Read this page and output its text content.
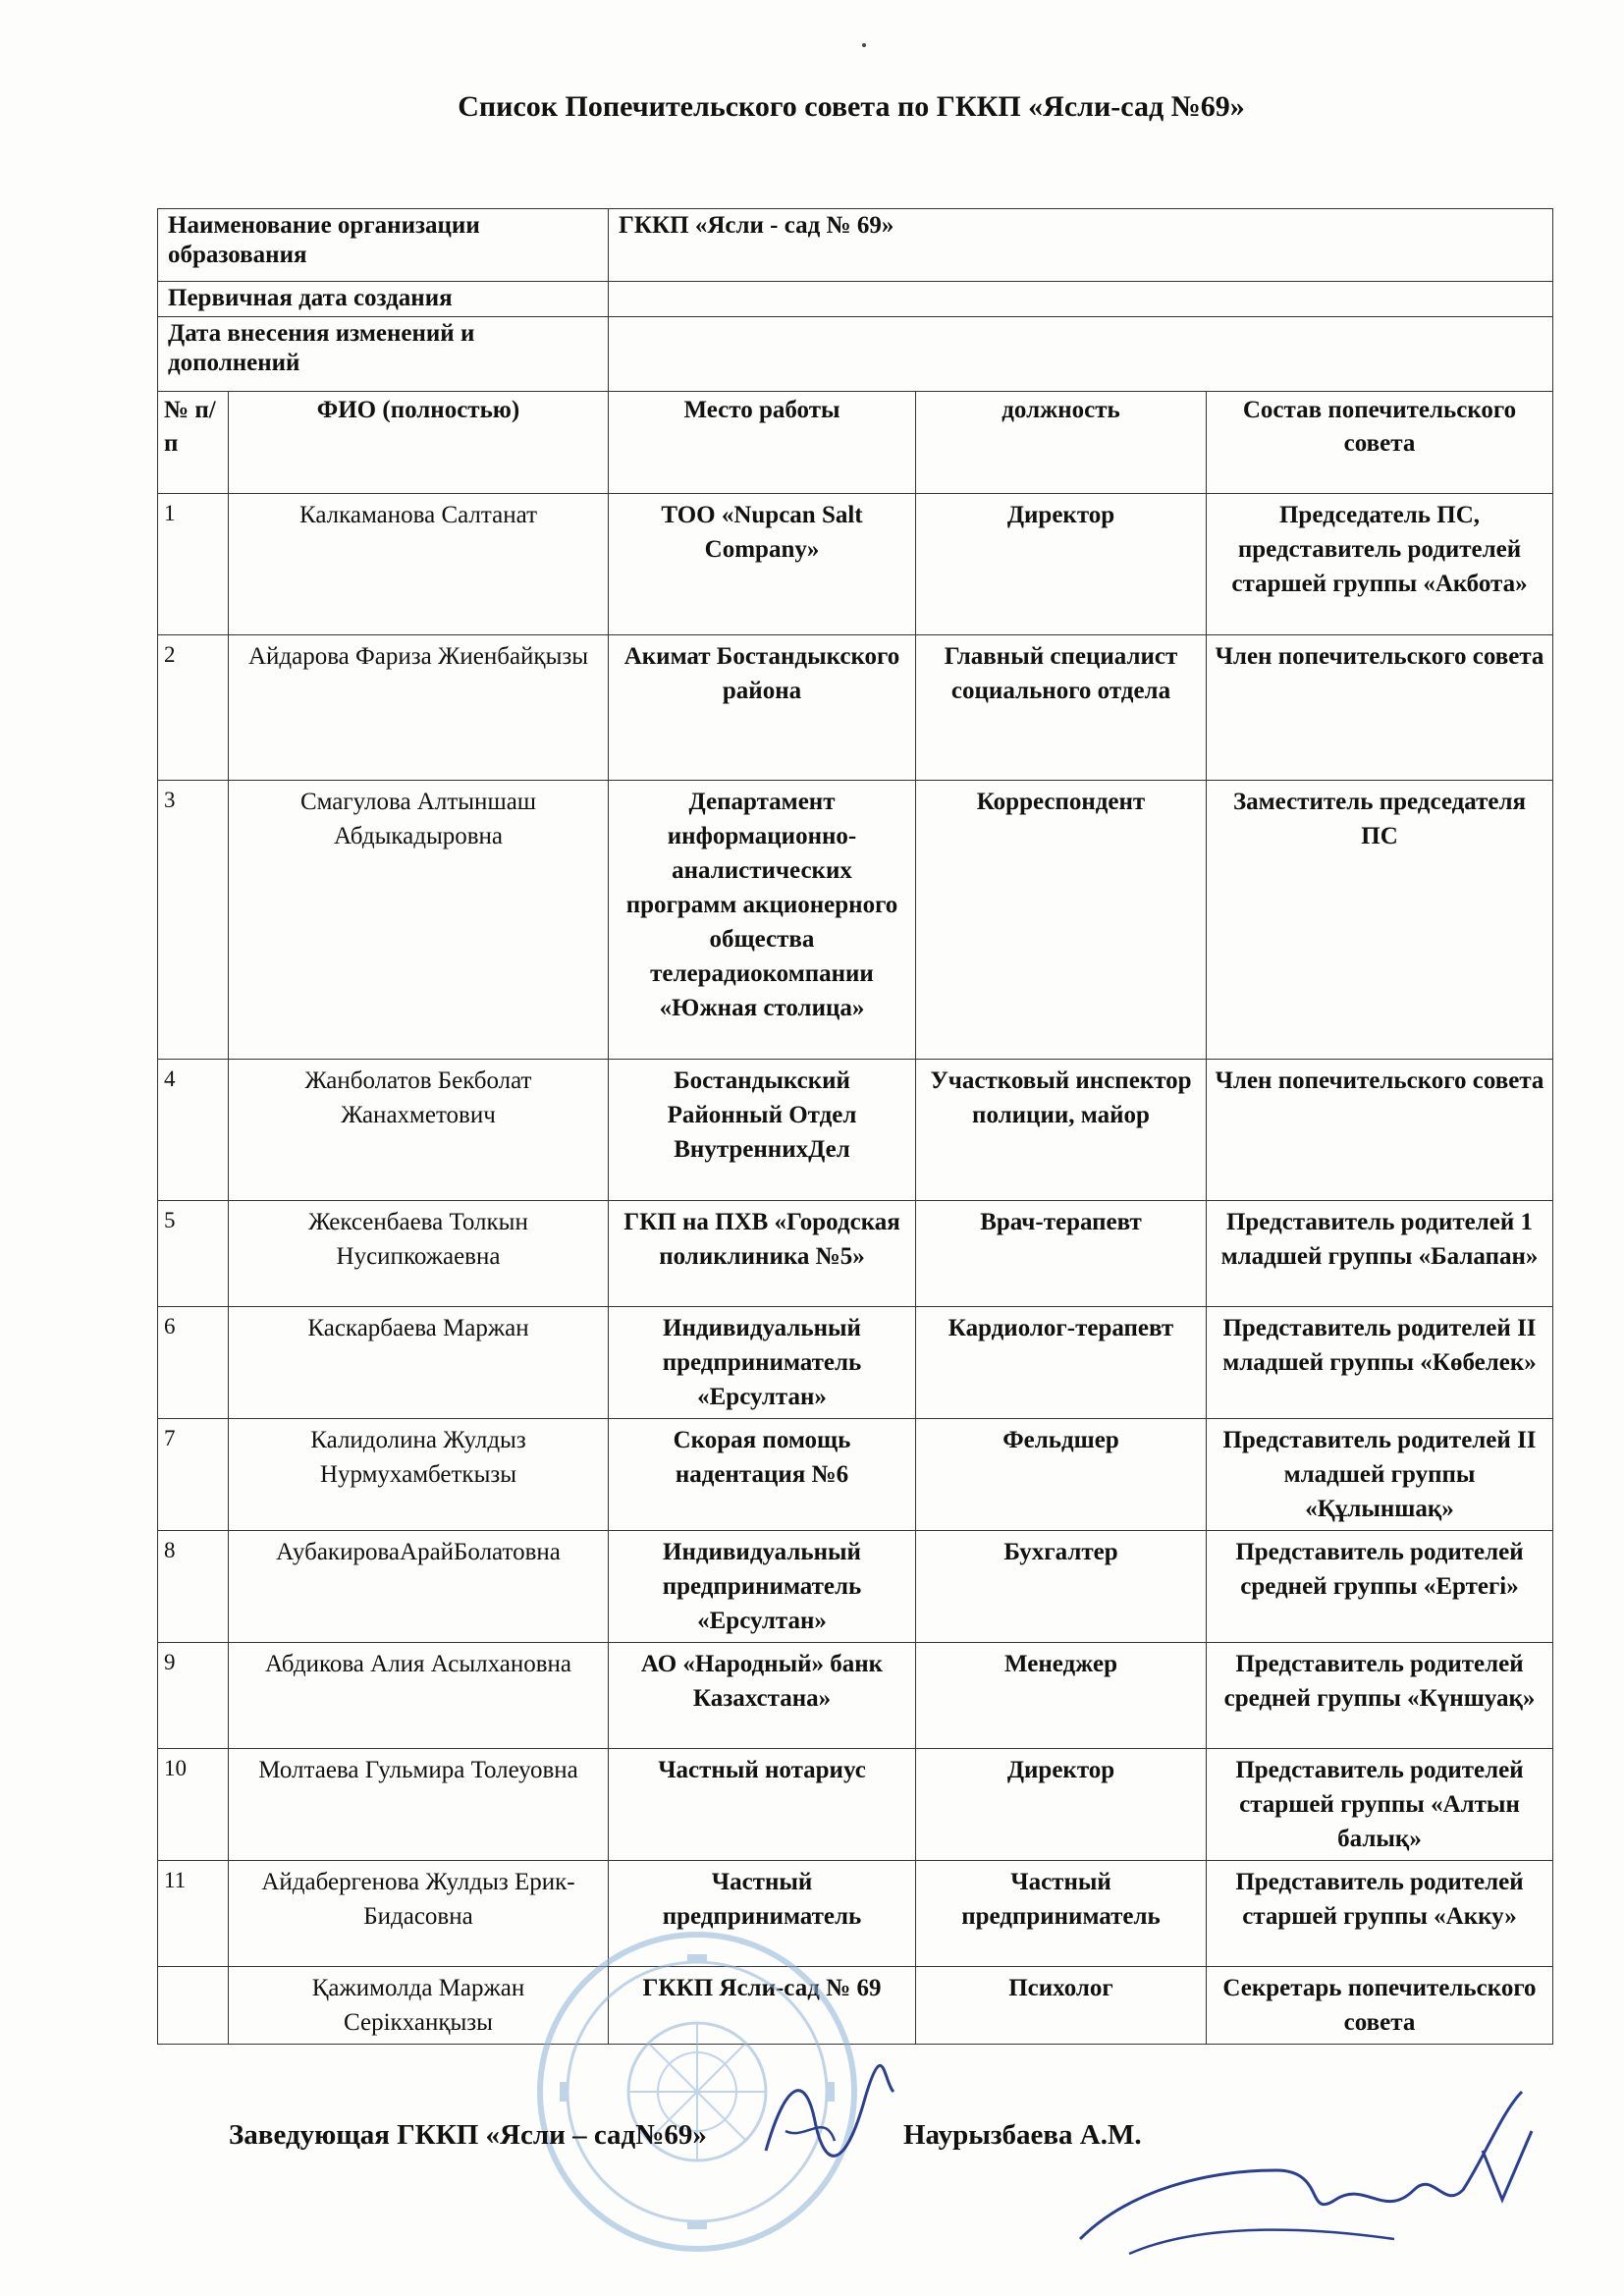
Список Попечительского совета по ГККП «Ясли-сад №69»
Наименование организации образования	ГККП «Ясли - сад № 69»
Первичная дата создания	
Дата внесения изменений и дополнений	
№ п/п	ФИО (полностью)	Место работы	должность	Состав попечительского совета
1	Калкаманова Салтанат	ТОО «Nupcan Salt Company»	Директор	Председатель ПС, представитель родителей старшей группы «Акбота»
2	Айдарова Фариза Жиенбайқызы	Акимат Бостандыкского района	Главный специалист социального отдела	Член попечительского совета
3	Смагулова Алтыншаш Абдыкадыровна	Департамент информационно-аналистических программ акционерного общества телерадиокомпании «Южная столица»	Корреспондент	Заместитель председателя ПС
4	Жанболатов Бекболат Жанахметович	Бостандыкский Районный Отдел ВнутреннихДел	Участковый инспектор полиции, майор	Член попечительского совета
5	Жексенбаева Толкын Нусипкожаевна	ГКП на ПХВ «Городская поликлиника №5»	Врач-терапевт	Представитель родителей 1 младшей группы «Балапан»
6	Каскарбаева Маржан	Индивидуальный предприниматель «Ерсултан»	Кардиолог-терапевт	Представитель родителей II младшей группы «Көбелек»
7	Калидолина Жулдыз Нурмухамбеткызы	Скорая помощь надентация №6	Фельдшер	Представитель родителей II младшей группы «Құлыншақ»
8	АубакироваАрайБолатовна	Индивидуальный предприниматель «Ерсултан»	Бухгалтер	Представитель родителей средней группы «Ертегі»
9	Абдикова Алия Асылхановна	АО «Народный» банк Казахстана»	Менеджер	Представитель родителей средней группы «Күншуақ»
10	Молтаева Гульмира Толеуовна	Частный нотариус	Директор	Представитель родителей старшей группы «Алтын балық»
11	Айдабергенова Жулдыз Ерик-Бидасовна	Частный предприниматель	Частный предприниматель	Представитель родителей старшей группы «Акку»
	Қажимолда Маржан Серікханқызы	ГККП Ясли-сад № 69	Психолог	Секретарь попечительского совета
Заведующая ГККП «Ясли – сад№69»	Наурызбаева А.М.
